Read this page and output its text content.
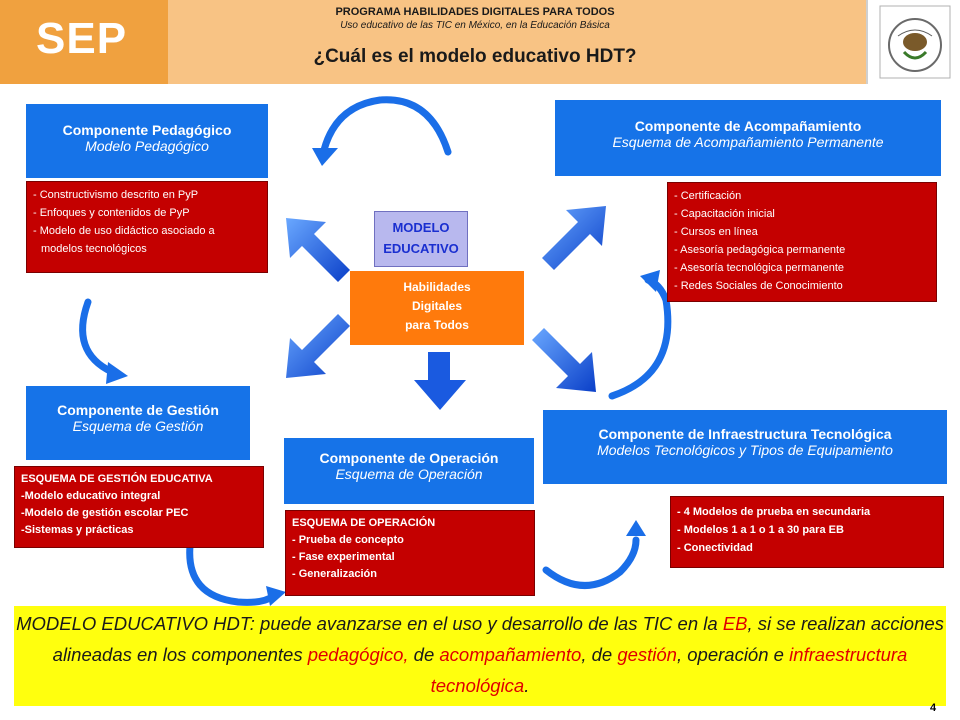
SEP
PROGRAMA HABILIDADES DIGITALES PARA TODOS
Uso educativo de las TIC en México, en la Educación Básica
¿Cuál es el modelo educativo HDT?
Componente Pedagógico
Modelo Pedagógico
- Constructivismo descrito en PyP
- Enfoques y contenidos de PyP
- Modelo de uso didáctico asociado a
modelos tecnológicos
Componente de Acompañamiento
Esquema de Acompañamiento Permanente
- Certificación
- Capacitación inicial
- Cursos en línea
- Asesoría pedagógica permanente
- Asesoría tecnológica permanente
- Redes Sociales de Conocimiento
MODELO
EDUCATIVO
Habilidades
Digitales
para Todos
Componente de Gestión
Esquema de Gestión
ESQUEMA DE GESTIÓN EDUCATIVA
-Modelo educativo integral
-Modelo de gestión escolar PEC
-Sistemas y prácticas
Componente de Operación
Esquema de Operación
ESQUEMA DE OPERACIÓN
- Prueba de concepto
- Fase experimental
- Generalización
Componente de Infraestructura Tecnológica
Modelos Tecnológicos y Tipos de Equipamiento
- 4 Modelos de prueba en secundaria
- Modelos 1 a 1 o 1 a 30 para EB
- Conectividad
MODELO EDUCATIVO HDT: puede avanzarse en el uso y desarrollo de las TIC en la EB, si se realizan acciones alineadas en los componentes pedagógico, de acompañamiento, de gestión, operación e infraestructura tecnológica.
4
